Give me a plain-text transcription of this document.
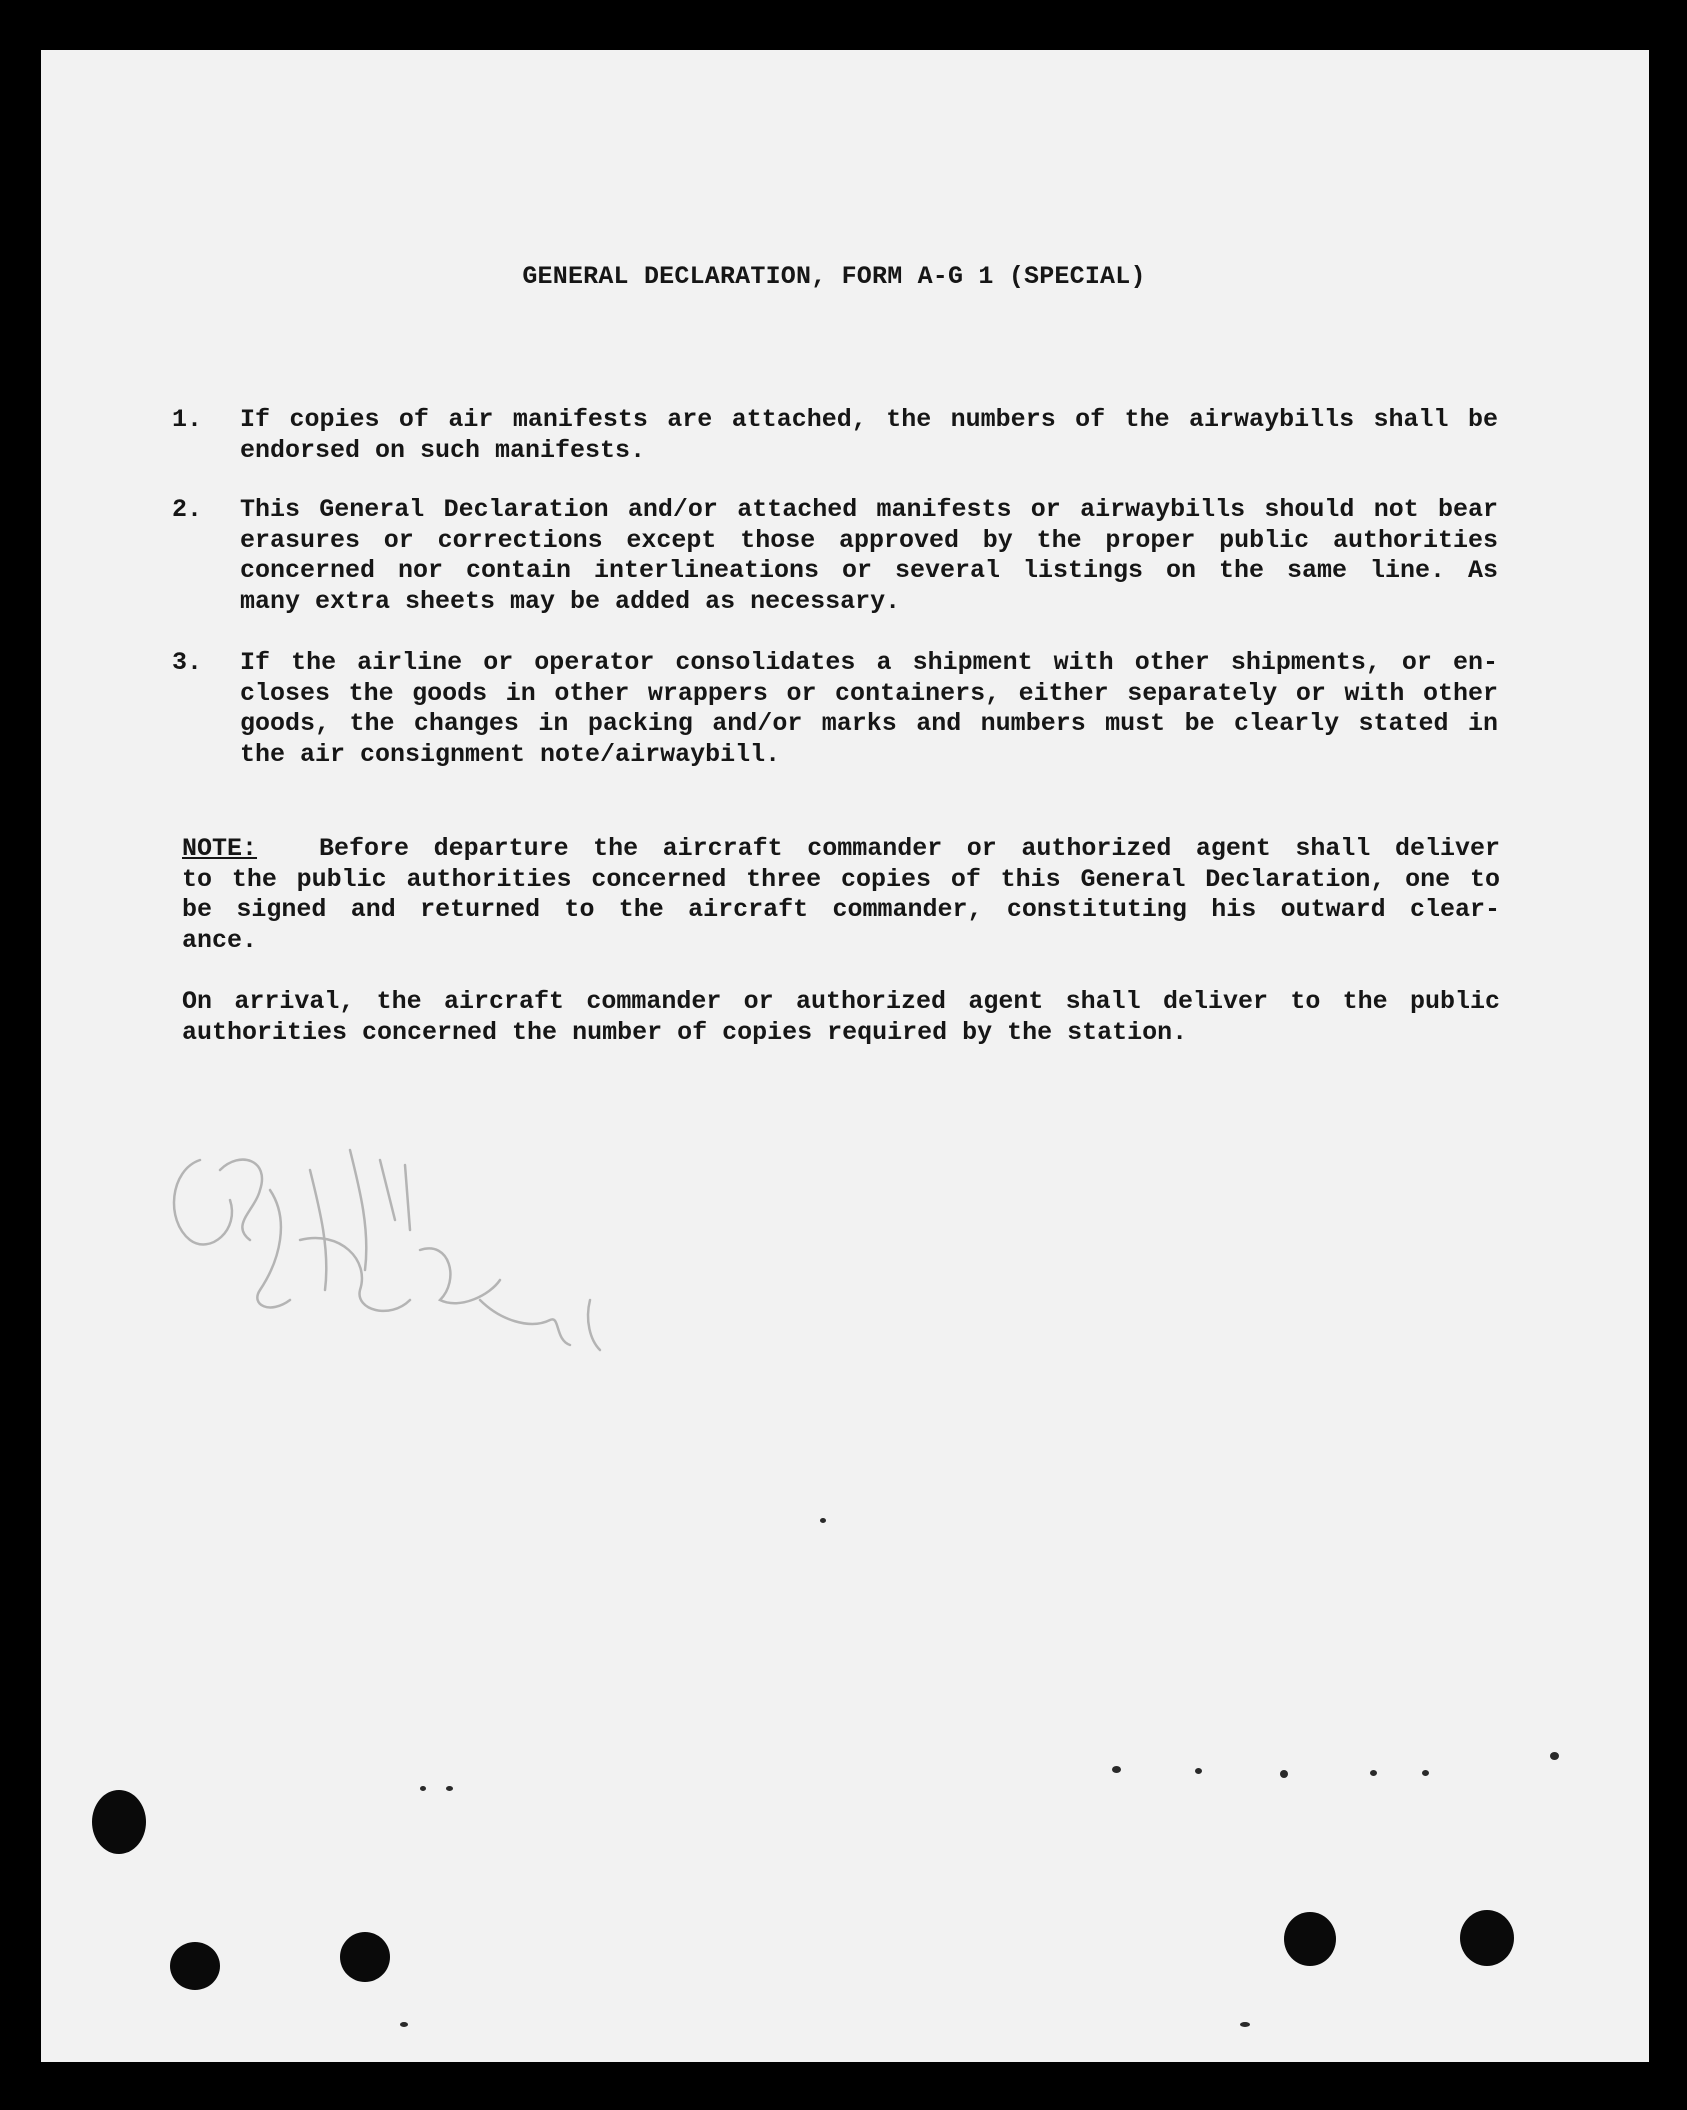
GENERAL DECLARATION, FORM A-G 1 (SPECIAL)
1.	If copies of air manifests are attached, the numbers of the airwaybills shall be
endorsed on such manifests.
2.	This General Declaration and/or attached manifests or airwaybills should not bear
erasures or corrections except those approved by the proper public authorities
concerned nor contain interlineations or several listings on the same line. As
many extra sheets may be added as necessary.
3.	If the airline or operator consolidates a shipment with other shipments, or en-
closes the goods in other wrappers or containers, either separately or with other
goods, the changes in packing and/or marks and numbers must be clearly stated in
the air consignment note/airwaybill.
NOTE: Before departure the aircraft commander or authorized agent shall deliver
to the public authorities concerned three copies of this General Declaration, one to
be signed and returned to the aircraft commander, constituting his outward clear-
ance.
On arrival, the aircraft commander or authorized agent shall deliver to the public
authorities concerned the number of copies required by the station.
